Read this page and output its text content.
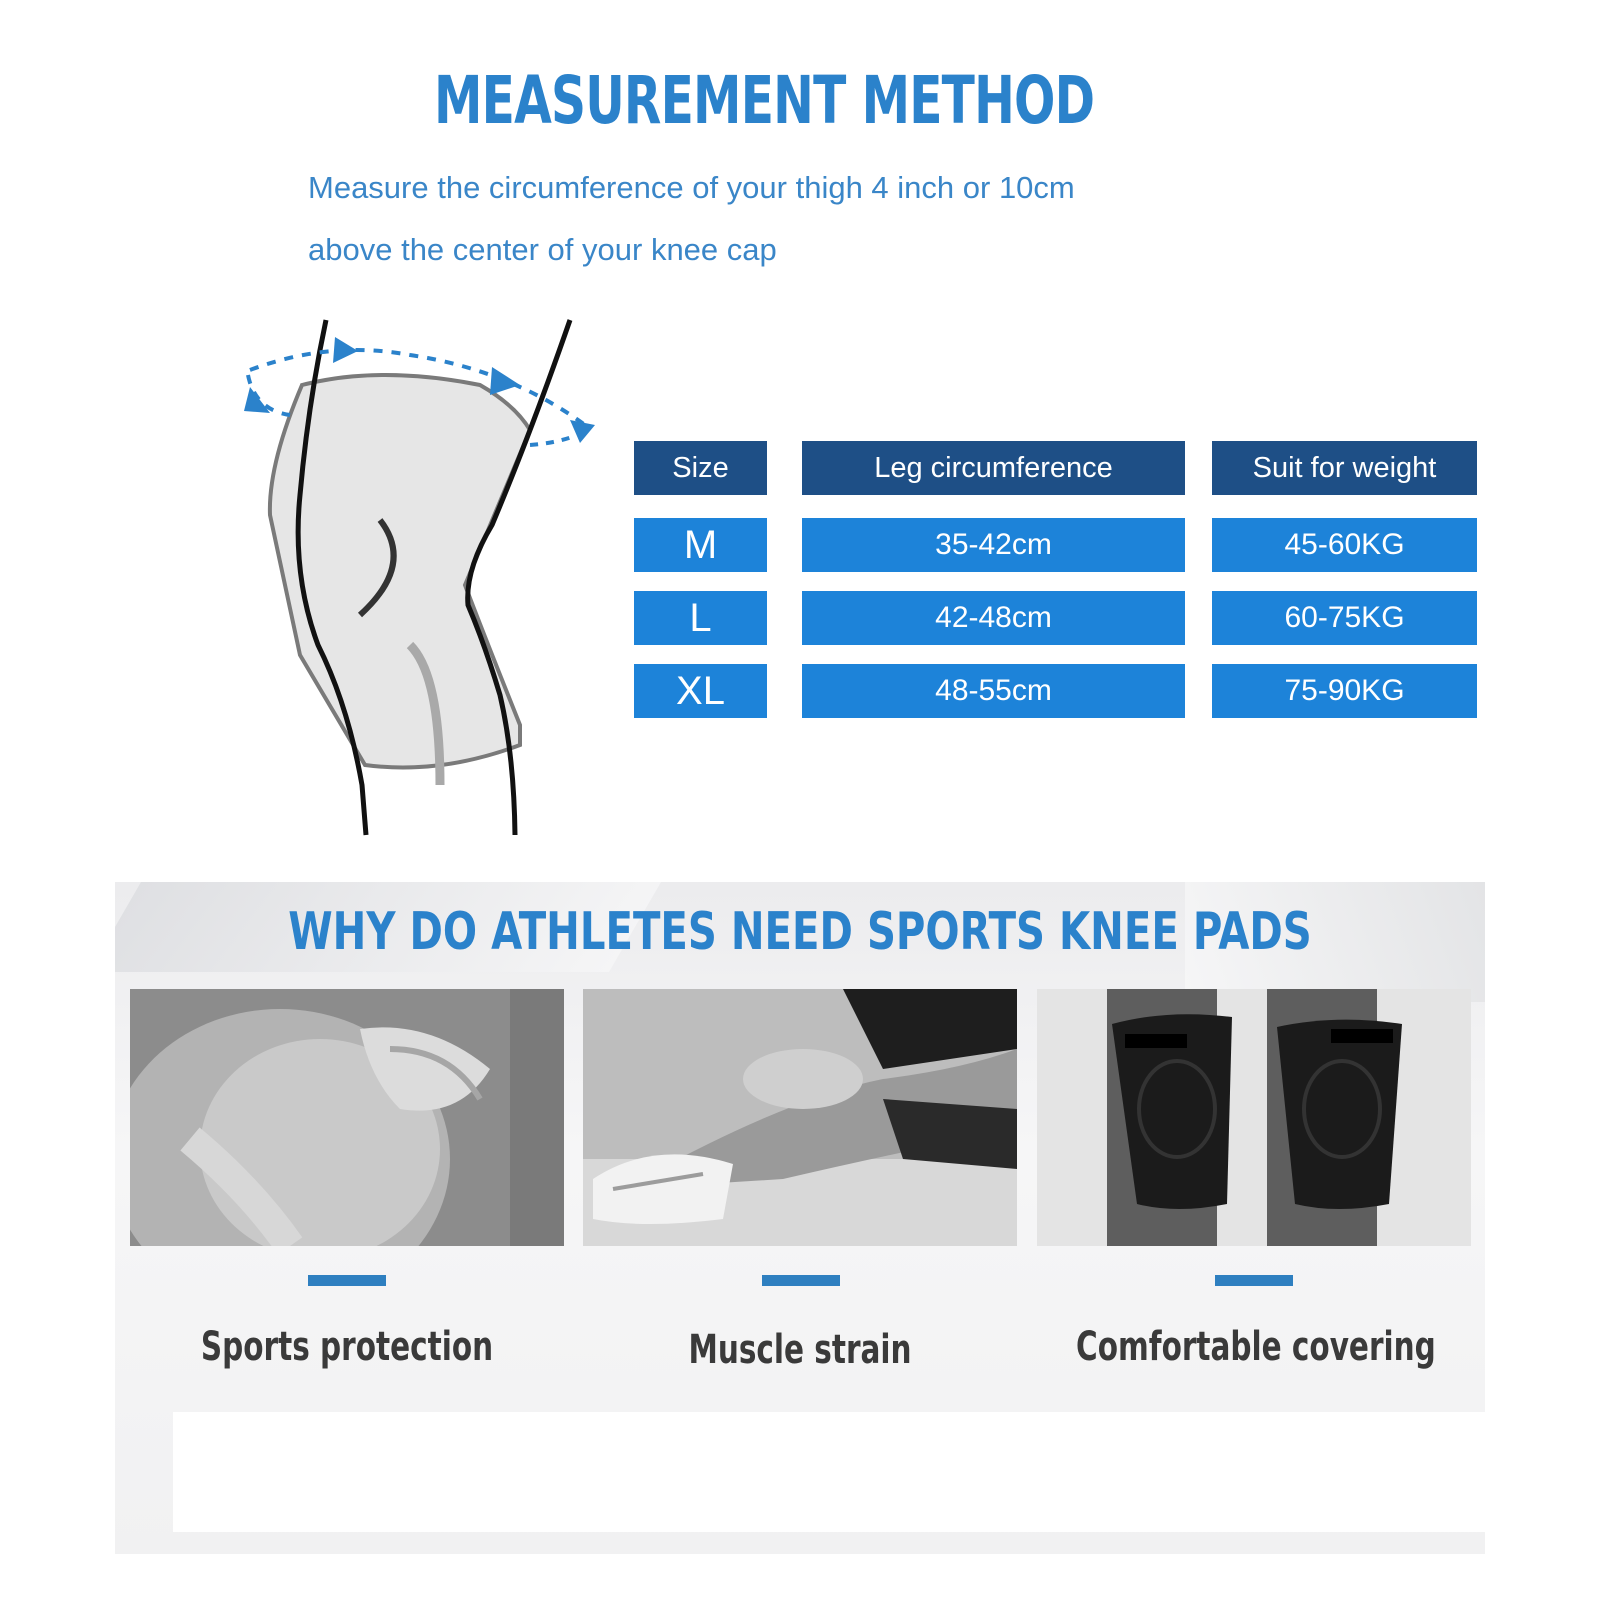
MEASUREMENT METHOD
Measure the circumference of your thigh 4 inch or 10cm
above the center of your knee cap
Size	Leg circumference	Suit for weight
M	35-42cm	45-60KG
L	42-48cm	60-75KG
XL	48-55cm	75-90KG
WHY DO ATHLETES NEED SPORTS KNEE PADS
Sports protection	Muscle strain	Comfortable covering
